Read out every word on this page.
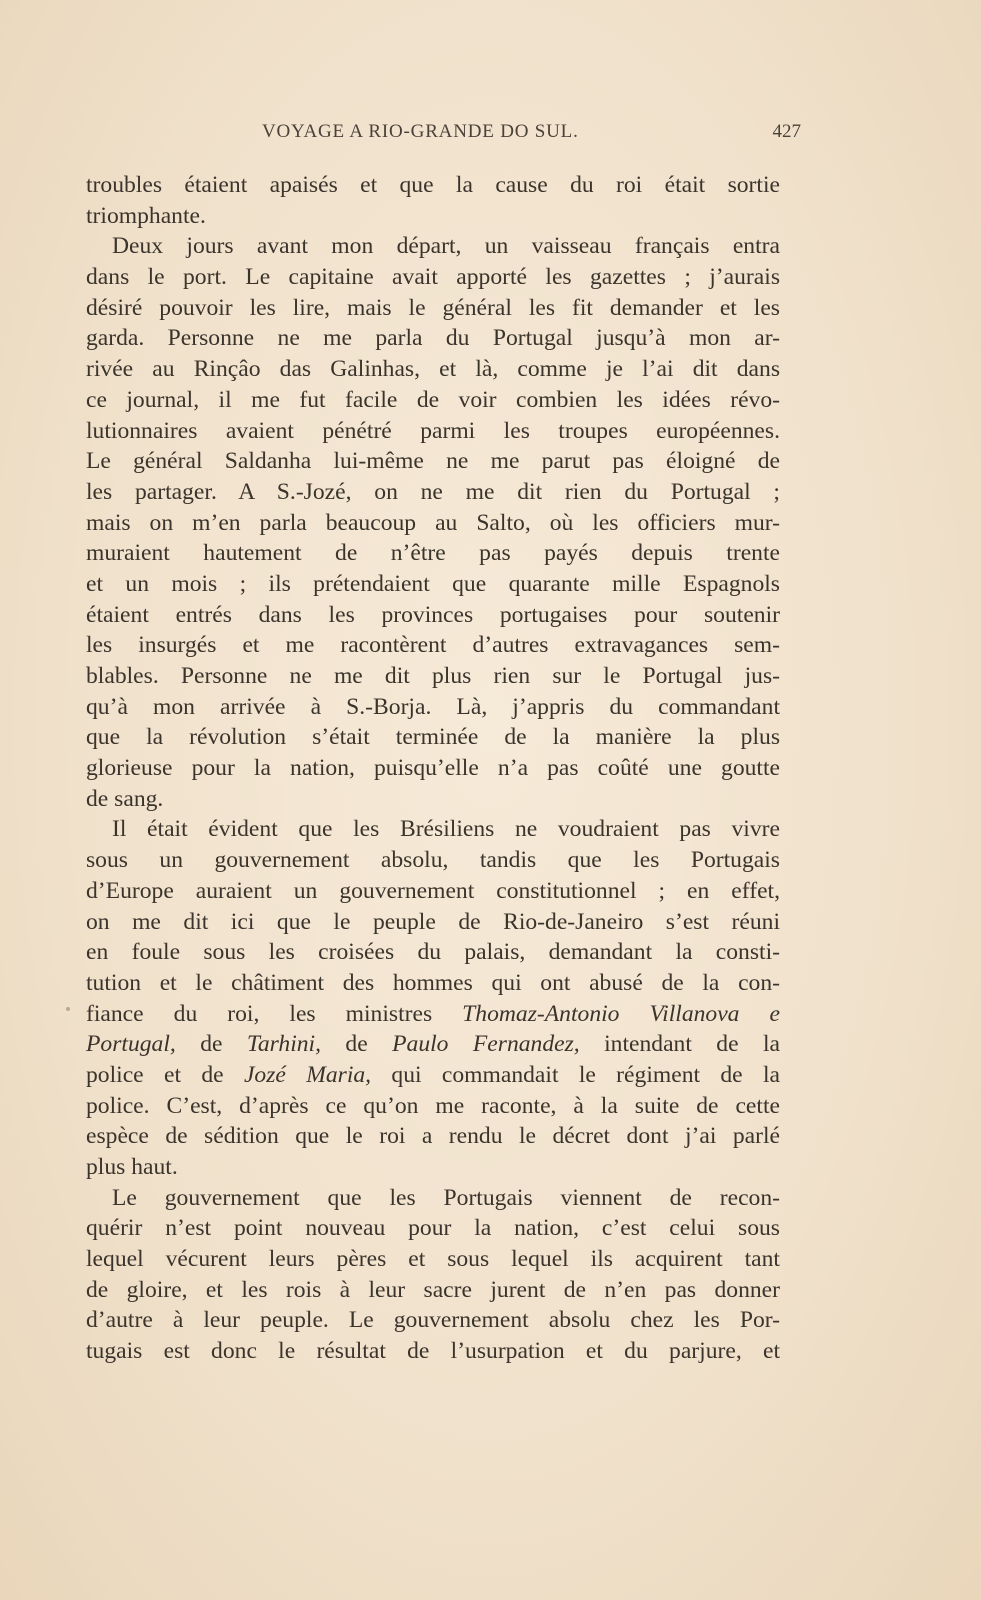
VOYAGE A RIO-GRANDE DO SUL.	427

troubles étaient apaisés et que la cause du roi était sortie
triomphante.

Deux jours avant mon départ, un vaisseau français entra
dans le port. Le capitaine avait apporté les gazettes ; j’aurais
désiré pouvoir les lire, mais le général les fit demander et les
garda. Personne ne me parla du Portugal jusqu’à mon ar-
rivée au Rinçâo das Galinhas, et là, comme je l’ai dit dans
ce journal, il me fut facile de voir combien les idées révo-
lutionnaires avaient pénétré parmi les troupes européennes.
Le général Saldanha lui-même ne me parut pas éloigné de
les partager. A S.-Jozé, on ne me dit rien du Portugal ;
mais on m’en parla beaucoup au Salto, où les officiers mur-
muraient hautement de n’être pas payés depuis trente
et un mois ; ils prétendaient que quarante mille Espagnols
étaient entrés dans les provinces portugaises pour soutenir
les insurgés et me racontèrent d’autres extravagances sem-
blables. Personne ne me dit plus rien sur le Portugal jus-
qu’à mon arrivée à S.-Borja. Là, j’appris du commandant
que la révolution s’était terminée de la manière la plus
glorieuse pour la nation, puisqu’elle n’a pas coûté une goutte
de sang.

Il était évident que les Brésiliens ne voudraient pas vivre
sous un gouvernement absolu, tandis que les Portugais
d’Europe auraient un gouvernement constitutionnel ; en effet,
on me dit ici que le peuple de Rio-de-Janeiro s’est réuni
en foule sous les croisées du palais, demandant la consti-
tution et le châtiment des hommes qui ont abusé de la con-
fiance du roi, les ministres Thomaz-Antonio Villanova e
Portugal, de Tarhini, de Paulo Fernandez, intendant de la
police et de Jozé Maria, qui commandait le régiment de la
police. C’est, d’après ce qu’on me raconte, à la suite de cette
espèce de sédition que le roi a rendu le décret dont j’ai parlé
plus haut.

Le gouvernement que les Portugais viennent de recon-
quérir n’est point nouveau pour la nation, c’est celui sous
lequel vécurent leurs pères et sous lequel ils acquirent tant
de gloire, et les rois à leur sacre jurent de n’en pas donner
d’autre à leur peuple. Le gouvernement absolu chez les Por-
tugais est donc le résultat de l’usurpation et du parjure, et
